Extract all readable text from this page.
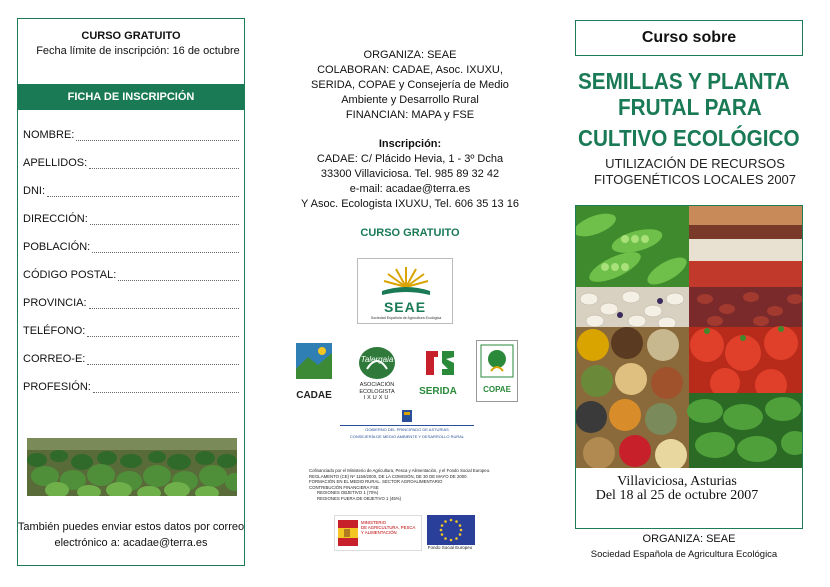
CURSO GRATUITO
Fecha límite de inscripción: 16 de octubre
FICHA DE INSCRIPCIÓN
NOMBRE:
APELLIDOS:
DNI:
DIRECCIÓN:
POBLACIÓN:
CÓDIGO POSTAL:
PROVINCIA:
TELÉFONO:
CORREO-E:
PROFESIÓN:
También puedes enviar estos datos por correo
electrónico a: acadae@terra.es
ORGANIZA: SEAE
COLABORAN: CADAE, Asoc. IXUXU,
SERIDA, COPAE y Consejería de Medio
Ambiente y Desarrollo Rural
FINANCIAN: MAPA y FSE
Inscripción:
CADAE: C/ Plácido Hevia, 1 - 3º Dcha
33300 Villaviciosa. Tel. 985 89 32 42
e-mail: acadae@terra.es
Y Asoc. Ecologista IXUXU, Tel. 606 35 13 16
CURSO GRATUITO
SEAE
Sociedad Española de Agricultura Ecológica
CADAE
Talergaia
ASOCIACIÓN
ECOLOGISTA
IXUXU
SERIDA	COPAE
GOBIERNO DEL PRINCIPADO DE ASTURIAS
CONSEJERÍA DE MEDIO AMBIENTE Y DESARROLLO RURAL
Cofinanciado por el Ministerio de Agricultura, Pesca y Alimentación, y el Fondo Social Europeo.
REGLAMENTO (CE) Nº 1159/2000, DE LA COMISIÓN, DE 30 DE MAYO DE 2000.
FORMACIÓN EN EL MEDIO RURAL. SECTOR AGROALIMENTARIO
CONTRIBUCIÓN FINANCIERA FSE
REGIONES OBJETIVO 1 (70%)
REGIONES FUERA DE OBJETIVO 1 (45%)
MINISTERIO
DE AGRICULTURA, PESCA
Y ALIMENTACIÓN
Fondo Social Europeo
Curso sobre
SEMILLAS Y PLANTA
FRUTAL PARA
CULTIVO ECOLÓGICO
UTILIZACIÓN DE RECURSOS
FITOGENÉTICOS LOCALES 2007
Villaviciosa, Asturias
Del 18 al 25 de octubre 2007
ORGANIZA: SEAE
Sociedad Española de Agricultura Ecológica
